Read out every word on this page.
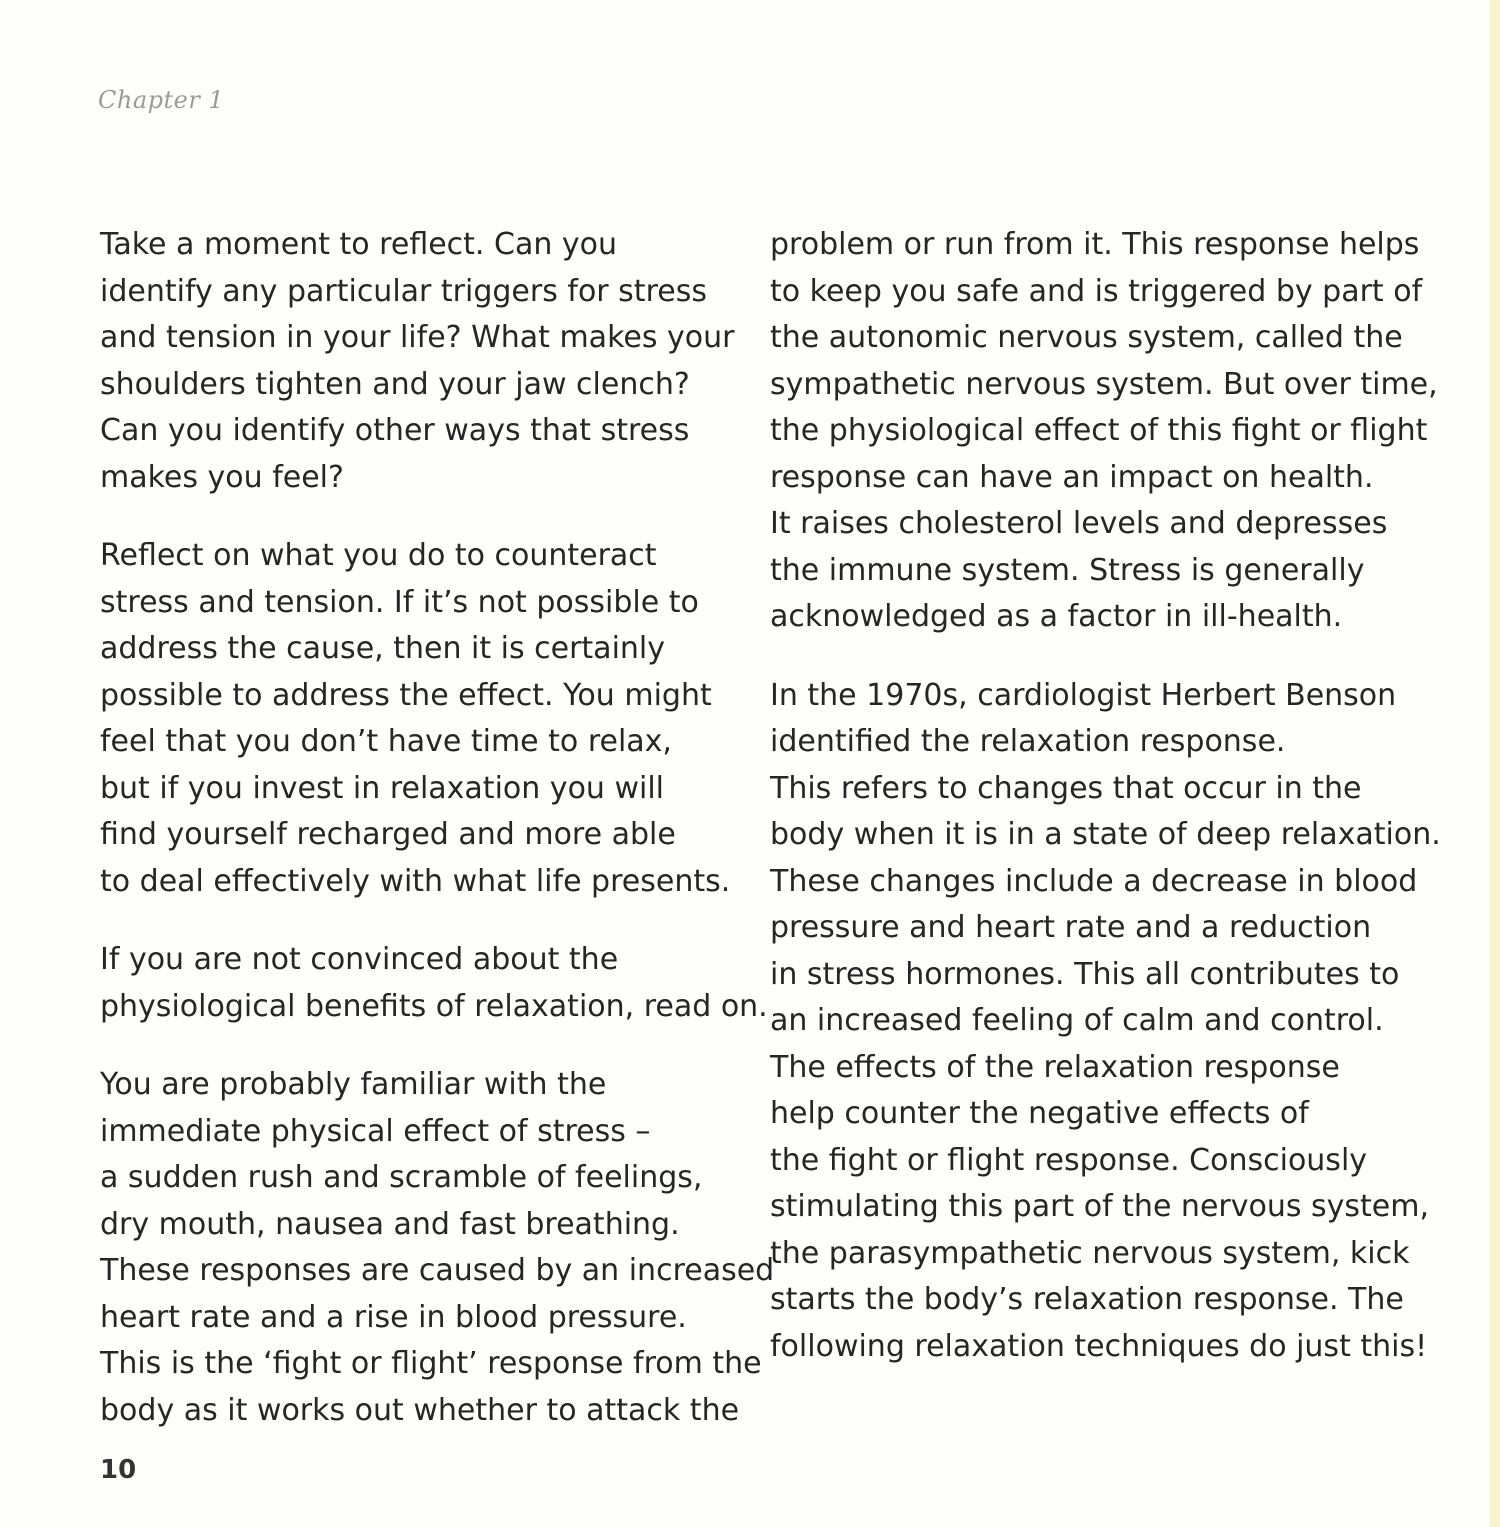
Chapter 1

Take a moment to reflect. Can you
identify any particular triggers for stress
and tension in your life? What makes your
shoulders tighten and your jaw clench?
Can you identify other ways that stress
makes you feel?

Reflect on what you do to counteract
stress and tension. If it’s not possible to
address the cause, then it is certainly
possible to address the effect. You might
feel that you don’t have time to relax,
but if you invest in relaxation you will
find yourself recharged and more able
to deal effectively with what life presents.

If you are not convinced about the
physiological benefits of relaxation, read on.

You are probably familiar with the
immediate physical effect of stress –
a sudden rush and scramble of feelings,
dry mouth, nausea and fast breathing.
These responses are caused by an increased
heart rate and a rise in blood pressure.
This is the ‘fight or flight’ response from the
body as it works out whether to attack the

problem or run from it. This response helps
to keep you safe and is triggered by part of
the autonomic nervous system, called the
sympathetic nervous system. But over time,
the physiological effect of this fight or flight
response can have an impact on health.
It raises cholesterol levels and depresses
the immune system. Stress is generally
acknowledged as a factor in ill-health.

In the 1970s, cardiologist Herbert Benson
identified the relaxation response.
This refers to changes that occur in the
body when it is in a state of deep relaxation.
These changes include a decrease in blood
pressure and heart rate and a reduction
in stress hormones. This all contributes to
an increased feeling of calm and control.
The effects of the relaxation response
help counter the negative effects of
the fight or flight response. Consciously
stimulating this part of the nervous system,
the parasympathetic nervous system, kick
starts the body’s relaxation response. The
following relaxation techniques do just this!

10
